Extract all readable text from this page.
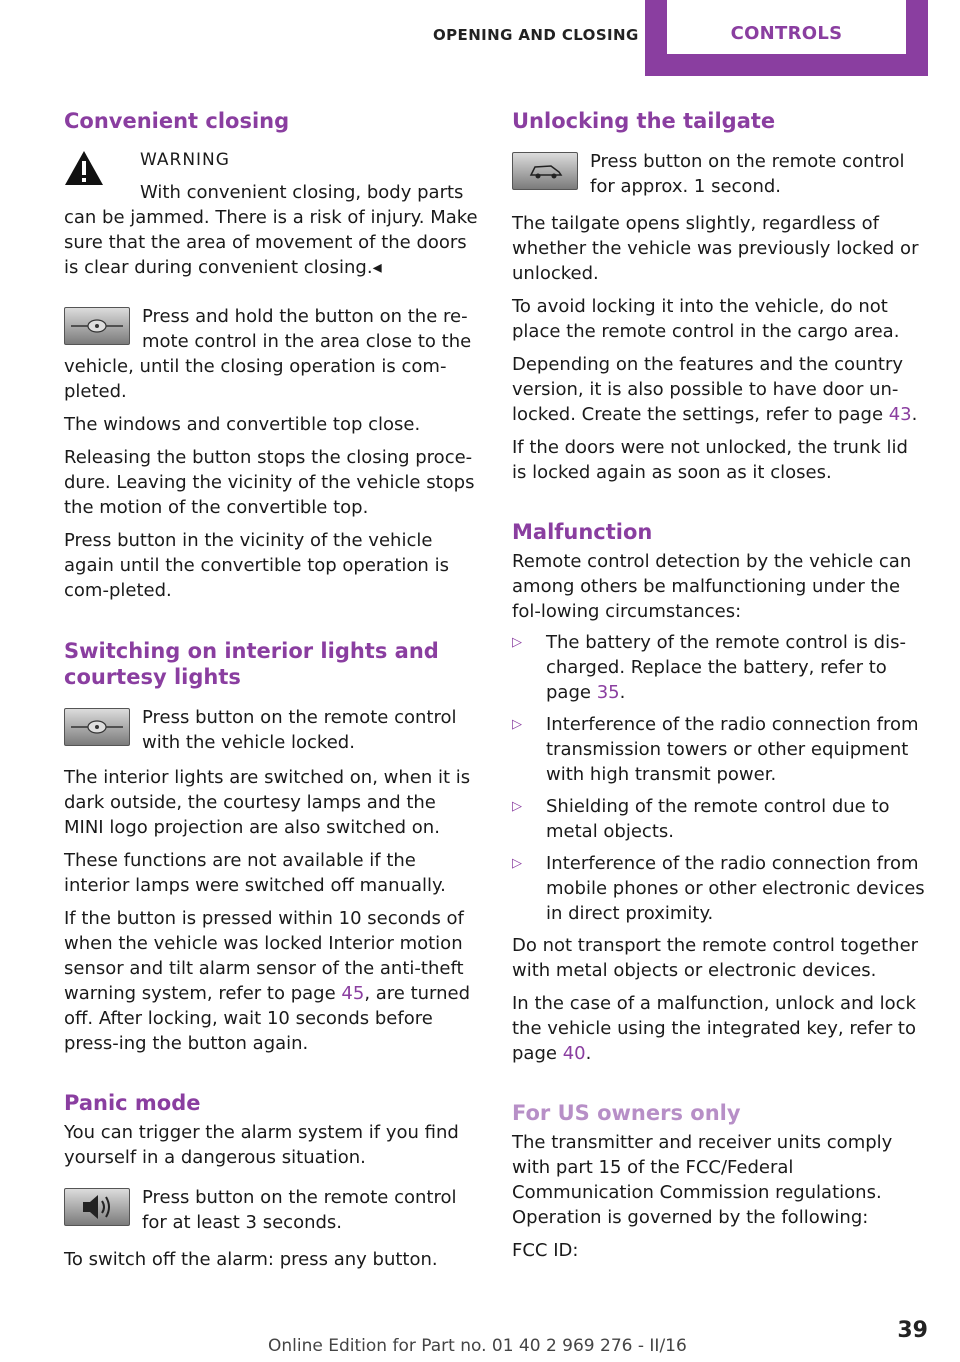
OPENING AND CLOSING	CONTROLS
Convenient closing
WARNING

With convenient closing, body parts can be jammed. There is a risk of injury. Make sure that the area of movement of the doors is clear during convenient closing.◂

Press and hold the button on the re‐mote control in the area close to the vehicle, until the closing operation is com‐pleted.

The windows and convertible top close.

Releasing the button stops the closing proce‐dure. Leaving the vicinity of the vehicle stops the motion of the convertible top.

Press button in the vicinity of the vehicle again until the convertible top operation is com‐pleted.

Switching on interior lights and courtesy lights

Press button on the remote control with the vehicle locked.

The interior lights are switched on, when it is dark outside, the courtesy lamps and the MINI logo projection are also switched on.

These functions are not available if the interior lamps were switched off manually.

If the button is pressed within 10 seconds of when the vehicle was locked Interior motion sensor and tilt alarm sensor of the anti-theft warning system, refer to page 45, are turned off. After locking, wait 10 seconds before press‐ing the button again.

Panic mode

You can trigger the alarm system if you find yourself in a dangerous situation.

Press button on the remote control for at least 3 seconds.

To switch off the alarm: press any button.

Unlocking the tailgate

Press button on the remote control for approx. 1 second.

The tailgate opens slightly, regardless of whether the vehicle was previously locked or unlocked.

To avoid locking it into the vehicle, do not place the remote control in the cargo area.

Depending on the features and the country version, it is also possible to have door un‐locked. Create the settings, refer to page 43.

If the doors were not unlocked, the trunk lid is locked again as soon as it closes.

Malfunction

Remote control detection by the vehicle can among others be malfunctioning under the fol‐lowing circumstances:

▷ The battery of the remote control is dis‐charged. Replace the battery, refer to page 35.
▷ Interference of the radio connection from transmission towers or other equipment with high transmit power.
▷ Shielding of the remote control due to metal objects.
▷ Interference of the radio connection from mobile phones or other electronic devices in direct proximity.

Do not transport the remote control together with metal objects or electronic devices.

In the case of a malfunction, unlock and lock the vehicle using the integrated key, refer to page 40.

For US owners only

The transmitter and receiver units comply with part 15 of the FCC/Federal Communication Commission regulations. Operation is governed by the following:

FCC ID:

Online Edition for Part no. 01 40 2 969 276 - II/16
39
